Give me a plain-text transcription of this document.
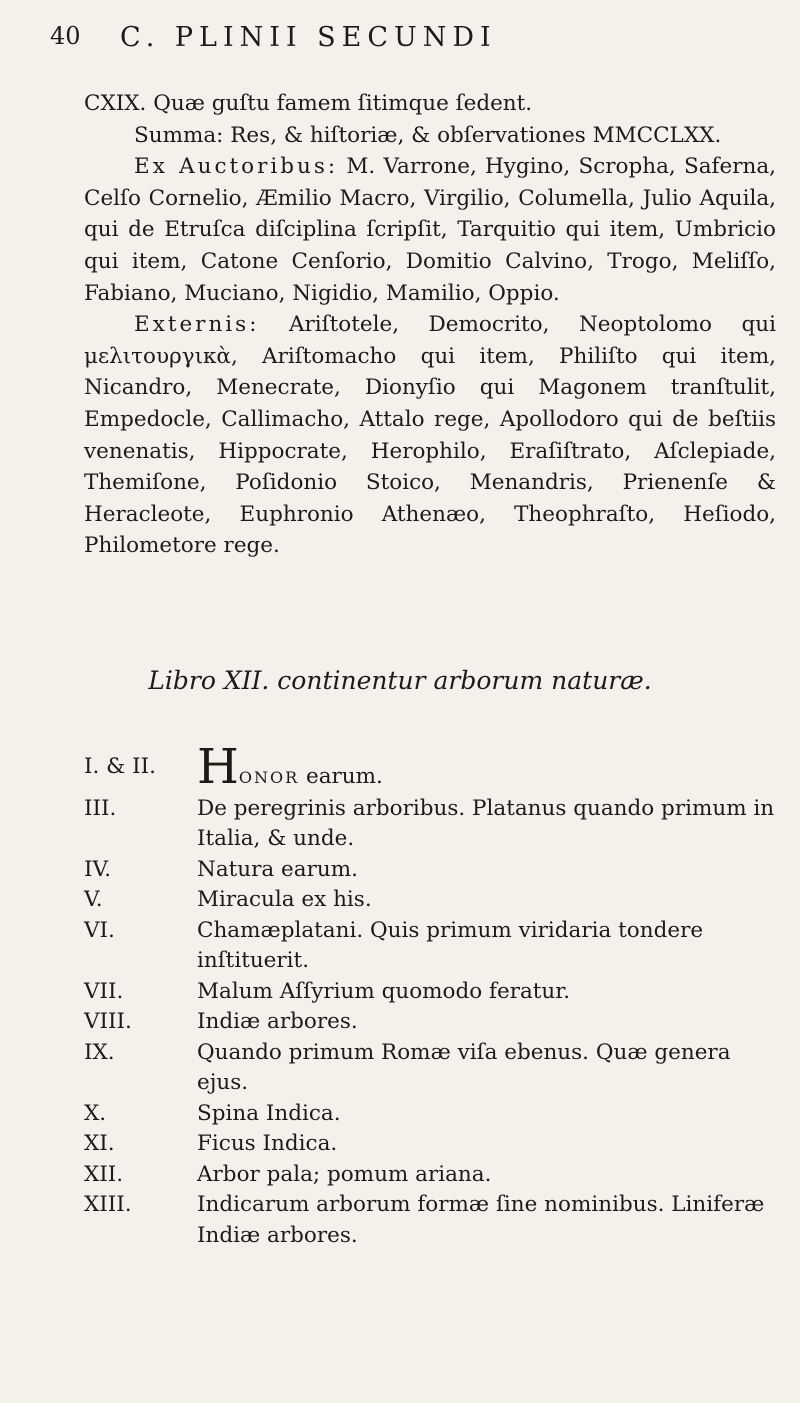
40 C. PLINII SECUNDI

CXIX. Quæ guſtu famem ſitimque ſedent.

Summa: Res, & hiſtoriæ, & obſervationes MMCCLXX.

Ex Auctoribus: M. Varrone, Hygino, Scropha, Saferna, Celſo Cornelio, Æmilio Macro, Virgilio, Columella, Julio Aquila, qui de Etruſca diſciplina ſcripſit, Tarquitio qui item, Umbricio qui item, Catone Cenſorio, Domitio Calvino, Trogo, Meliſſo, Fabiano, Muciano, Nigidio, Mamilio, Oppio.

Externis: Ariſtotele, Democrito, Neoptolomo qui μελιτουργικὰ, Ariſtomacho qui item, Philiſto qui item, Nicandro, Menecrate, Dionyſio qui Magonem tranſtulit, Empedocle, Callimacho, Attalo rege, Apollodoro qui de beſtiis venenatis, Hippocrate, Herophilo, Eraſiſtrato, Aſclepiade, Themiſone, Poſidonio Stoico, Menandris, Prienenſe & Heracleote, Euphronio Athenæo, Theophraſto, Heſiodo, Philometore rege.

Libro XII. continentur arborum naturæ.
I. & II. HONOR earum.
III.	De peregrinis arboribus. Platanus quando primum in Italia, & unde.
IV.	Natura earum.
V.	Miracula ex his.
VI.	Chamæplatani. Quis primum viridaria tondere inſtituerit.
VII.	Malum Aſſyrium quomodo feratur.
VIII.	Indiæ arbores.
IX.	Quando primum Romæ viſa ebenus. Quæ genera ejus.
X.	Spina Indica.
XI.	Ficus Indica.
XII.	Arbor pala; pomum ariana.
XIII.	Indicarum arborum formæ ſine nominibus. Liniferæ Indiæ arbores.
